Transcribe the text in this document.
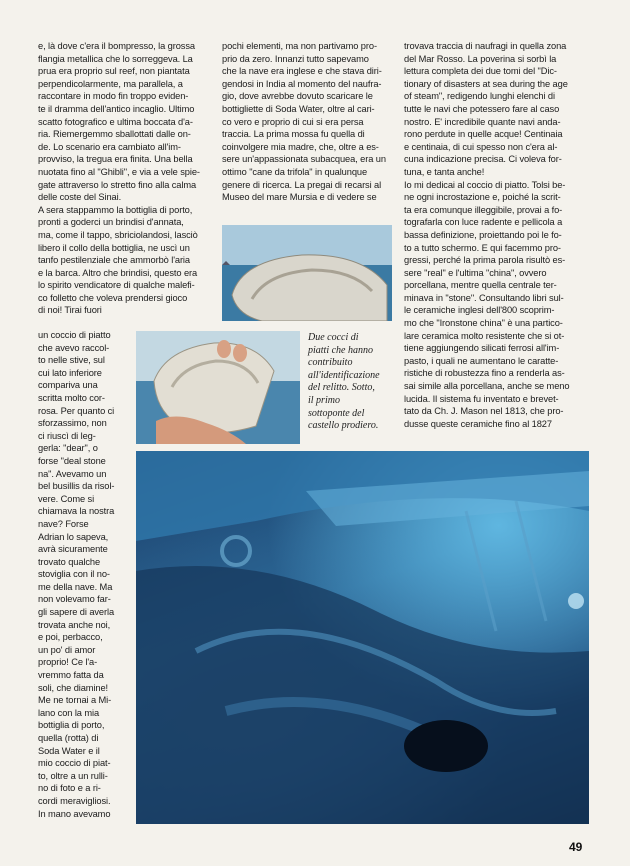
e, là dove c'era il bompresso, la grossa

flangia metallica che lo sorreggeva. La

prua era proprio sul reef, non piantata

perpendicolarmente, ma parallela, a

raccontare in modo fin troppo eviden-

te il dramma dell'antico incaglio. Ultimo

scatto fotografico e ultima boccata d'a-

ria. Riemergemmo sballottati dalle on-

de. Lo scenario era cambiato all'im-

provviso, la tregua era finita. Una bella

nuotata fino al "Ghibli", e via a vele spie-

gate attraverso lo stretto fino alla calma

delle coste del Sinai.

A sera stappammo la bottiglia di porto,

pronti a goderci un brindisi d'annata,

ma, come il tappo, sbriciolandosi, lasciò

libero il collo della bottiglia, ne uscì un

tanfo pestilenziale che ammorbò l'aria

e la barca. Altro che brindisi, questo era

lo spirito vendicatore di qualche malefi-

co folletto che voleva prendersi gioco

di noi! Tirai fuori

un coccio di piatto

che avevo raccol-

to nelle stive, sul

cui lato inferiore

compariva una

scritta molto cor-

rosa. Per quanto ci

sforzassimo, non

ci riuscì di leg-

gerla: "dear", o

forse "deal stone

na". Avevamo un

bel busillis da risol-

vere. Come si

chiamava la nostra

nave? Forse

Adrian lo sapeva,

avrà sicuramente

trovato qualche

stoviglia con il no-

me della nave. Ma

non volevamo far-

gli sapere di averla

trovata anche noi,

e poi, perbacco,

un po' di amor

proprio! Ce l'a-

vremmo fatta da

soli, che diamine!

Me ne tornai a Mi-

lano con la mia

bottiglia di porto,

quella (rotta) di

Soda Water e il

mio coccio di piat-

to, oltre a un rulli-

no di foto e a ri-

cordi meravigliosi.

In mano avevamo

pochi elementi, ma non partivamo pro-

prio da zero. Innanzi tutto sapevamo

che la nave era inglese e che stava diri-

gendosi in India al momento del naufra-

gio, dove avrebbe dovuto scaricare le

bottigliette di Soda Water, oltre al cari-

co vero e proprio di cui si era persa

traccia. La prima mossa fu quella di

coinvolgere mia madre, che, oltre a es-

sere un'appassionata subacquea, era un

ottimo "cane da trifola" in qualunque

genere di ricerca. La pregai di recarsi al

Museo del mare Mursia e di vedere se

trovava traccia di naufragi in quella zona

del Mar Rosso. La poverina si sorbì la

lettura completa dei due tomi del "Dic-

tionary of disasters at sea during the age

of steam", redigendo lunghi elenchi di

tutte le navi che potessero fare al caso

nostro. E' incredibile quante navi anda-

rono perdute in quelle acque! Centinaia

e centinaia, di cui spesso non c'era al-

cuna indicazione precisa. Ci voleva for-

tuna, e tanta anche!

Io mi dedicai al coccio di piatto. Tolsi be-

ne ogni incrostazione e, poiché la scrit-

ta era comunque illeggibile, provai a fo-

tografarla con luce radente e pellicola a

bassa definizione, proiettando poi le fo-

to a tutto schermo. E qui facemmo pro-

gressi, perché la prima parola risultò es-

sere "real" e l'ultima "china", ovvero

porcellana, mentre quella centrale ter-

minava in "stone". Consultando libri sul-

le ceramiche inglesi dell'800 scoprim-

mo che "Ironstone china" è una partico-

lare ceramica molto resistente che si ot-

tiene aggiungendo silicati ferrosi all'im-

pasto, i quali ne aumentano le caratte-

ristiche di robustezza fino a renderla as-

sai simile alla porcellana, anche se meno

lucida. Il sistema fu inventato e brevet-

tato da Ch. J. Mason nel 1813, che pro-

dusse queste ceramiche fino al 1827

Due cocci di
piatti che hanno
contribuito
all'identificazione
del relitto. Sotto,
il primo
sottoponte del
castello prodiero.
49
